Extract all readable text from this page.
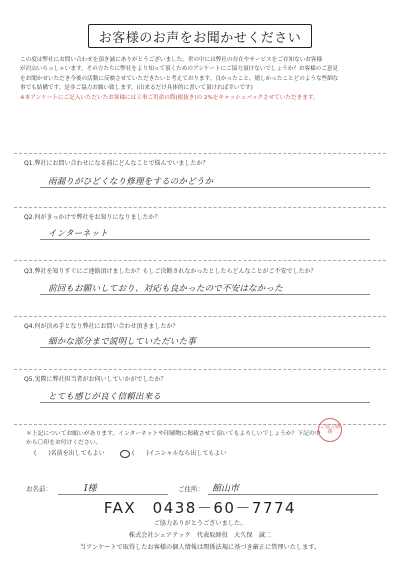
お客様のお声をお聞かせください

この度は弊社にお問い合わせを頂き誠にありがとうございました。世の中には弊社の存在やサービスをご存知ないお客様

が沢山いらっしゃいます。その方たちに弊社をより知って頂くためのアンケートにご協力頂けないでしょうか？お客様のご意見

をお聞かせいただき今後の活動に反映させていただきたいと考えております。良かったこと、嬉しかったことどのような些細な

事でも結構です。是非ご協力お願い致します。(出来るだけ具体的に書いて頂ければ幸いです)

※本アンケートにご記入いただいたお客様には工事ご用命の際(税抜き)の 2%をキャッシュバックさせていただきます。

Q1.弊社にお問い合わせになる前にどんなことで悩んでいましたか？
雨漏りがひどくなり修理をするのかどうか
Q2.何がきっかけで弊社をお知りになりましたか？
インターネット
Q3.弊社を知りすぐにご連絡頂けましたか？もしご決断されなかったとしたらどんなことがご不安でしたか？
前回もお願いしており、対応も良かったので不安はなかった
Q4.何が決め手となり弊社にお問い合わせ頂きましたか？
細かな部分まで説明していただいた事
Q5.実際に弊社担当者がお伺いしていかがでしたか？
とても感じが良く信頼出来る
＊上記についてお願いがあります。インターネットや印刷物に掲載させて頂いてもよろしいでしょうか？下記の中から〇印をお付けください。
(　　)名前を出してもよい	(　　)イニシャルなら出してもよい
ご協力感謝
お名前：	I様	ご住所： 館山市
FAX　0438－60－7774
ご協力ありがとうございました。
株式会社シェアテック　代表取締役　大久保　誠二
当アンケートで取得したお客様の個人情報は関係法規に基づき厳正に管理いたします。
